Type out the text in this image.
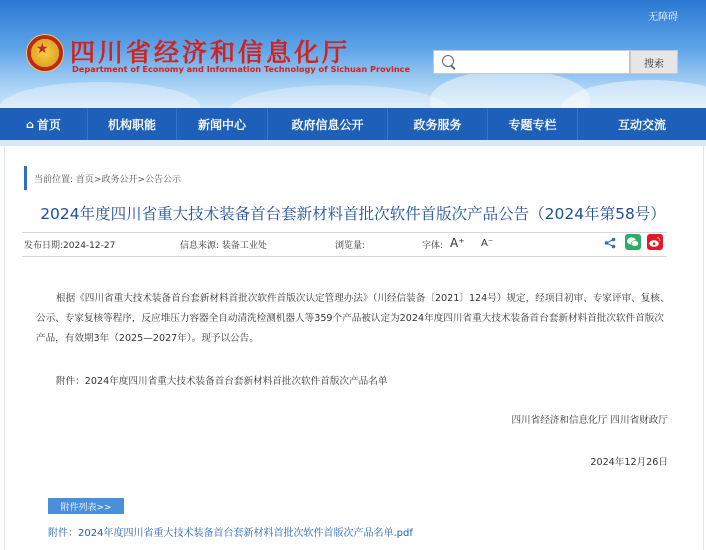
无障碍
★ 四川省经济和信息化厅
Department of Economy and Information Technology of Sichuan Province	搜索
⌂ 首页	机构职能	新闻中心	政府信息公开	政务服务	专题专栏	互动交流
当前位置: 首页>政务公开>公告公示
2024年度四川省重大技术装备首台套新材料首批次软件首版次产品公告（2024年第58号）
发布日期:2024-12-27	信息来源: 装备工业处	浏览量:	字体: A⁺ A⁻
根据《四川省重大技术装备首台套新材料首批次软件首版次认定管理办法》（川经信装备〔2021〕124号）规定，经项目初审、专家评审、复核、公示、专家复核等程序，反应堆压力容器全自动清洗检测机器人等359个产品被认定为2024年度四川省重大技术装备首台套新材料首批次软件首版次产品，有效期3年（2025—2027年）。现予以公告。
附件：2024年度四川省重大技术装备首台套新材料首批次软件首版次产品名单
四川省经济和信息化厅 四川省财政厅
2024年12月26日
附件列表>>
附件：2024年度四川省重大技术装备首台套新材料首批次软件首版次产品名单.pdf
